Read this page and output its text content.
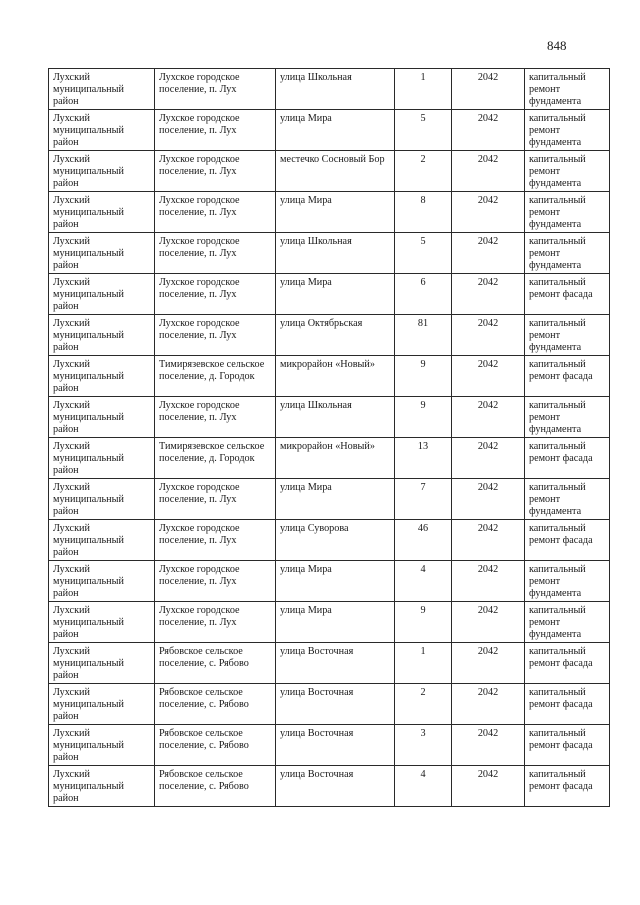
848
Лухский муниципальный район	Лухское городское поселение, п. Лух	улица Школьная	1	2042	капитальный ремонт фундамента
Лухский муниципальный район	Лухское городское поселение, п. Лух	улица Мира	5	2042	капитальный ремонт фундамента
Лухский муниципальный район	Лухское городское поселение, п. Лух	местечко Сосновый Бор	2	2042	капитальный ремонт фундамента
Лухский муниципальный район	Лухское городское поселение, п. Лух	улица Мира	8	2042	капитальный ремонт фундамента
Лухский муниципальный район	Лухское городское поселение, п. Лух	улица Школьная	5	2042	капитальный ремонт фундамента
Лухский муниципальный район	Лухское городское поселение, п. Лух	улица Мира	6	2042	капитальный ремонт фасада
Лухский муниципальный район	Лухское городское поселение, п. Лух	улица Октябрьская	81	2042	капитальный ремонт фундамента
Лухский муниципальный район	Тимирязевское сельское поселение, д. Городок	микрорайон «Новый»	9	2042	капитальный ремонт фасада
Лухский муниципальный район	Лухское городское поселение, п. Лух	улица Школьная	9	2042	капитальный ремонт фундамента
Лухский муниципальный район	Тимирязевское сельское поселение, д. Городок	микрорайон «Новый»	13	2042	капитальный ремонт фасада
Лухский муниципальный район	Лухское городское поселение, п. Лух	улица Мира	7	2042	капитальный ремонт фундамента
Лухский муниципальный район	Лухское городское поселение, п. Лух	улица Суворова	46	2042	капитальный ремонт фасада
Лухский муниципальный район	Лухское городское поселение, п. Лух	улица Мира	4	2042	капитальный ремонт фундамента
Лухский муниципальный район	Лухское городское поселение, п. Лух	улица Мира	9	2042	капитальный ремонт фундамента
Лухский муниципальный район	Рябовское сельское поселение, с. Рябово	улица Восточная	1	2042	капитальный ремонт фасада
Лухский муниципальный район	Рябовское сельское поселение, с. Рябово	улица Восточная	2	2042	капитальный ремонт фасада
Лухский муниципальный район	Рябовское сельское поселение, с. Рябово	улица Восточная	3	2042	капитальный ремонт фасада
Лухский муниципальный район	Рябовское сельское поселение, с. Рябово	улица Восточная	4	2042	капитальный ремонт фасада
